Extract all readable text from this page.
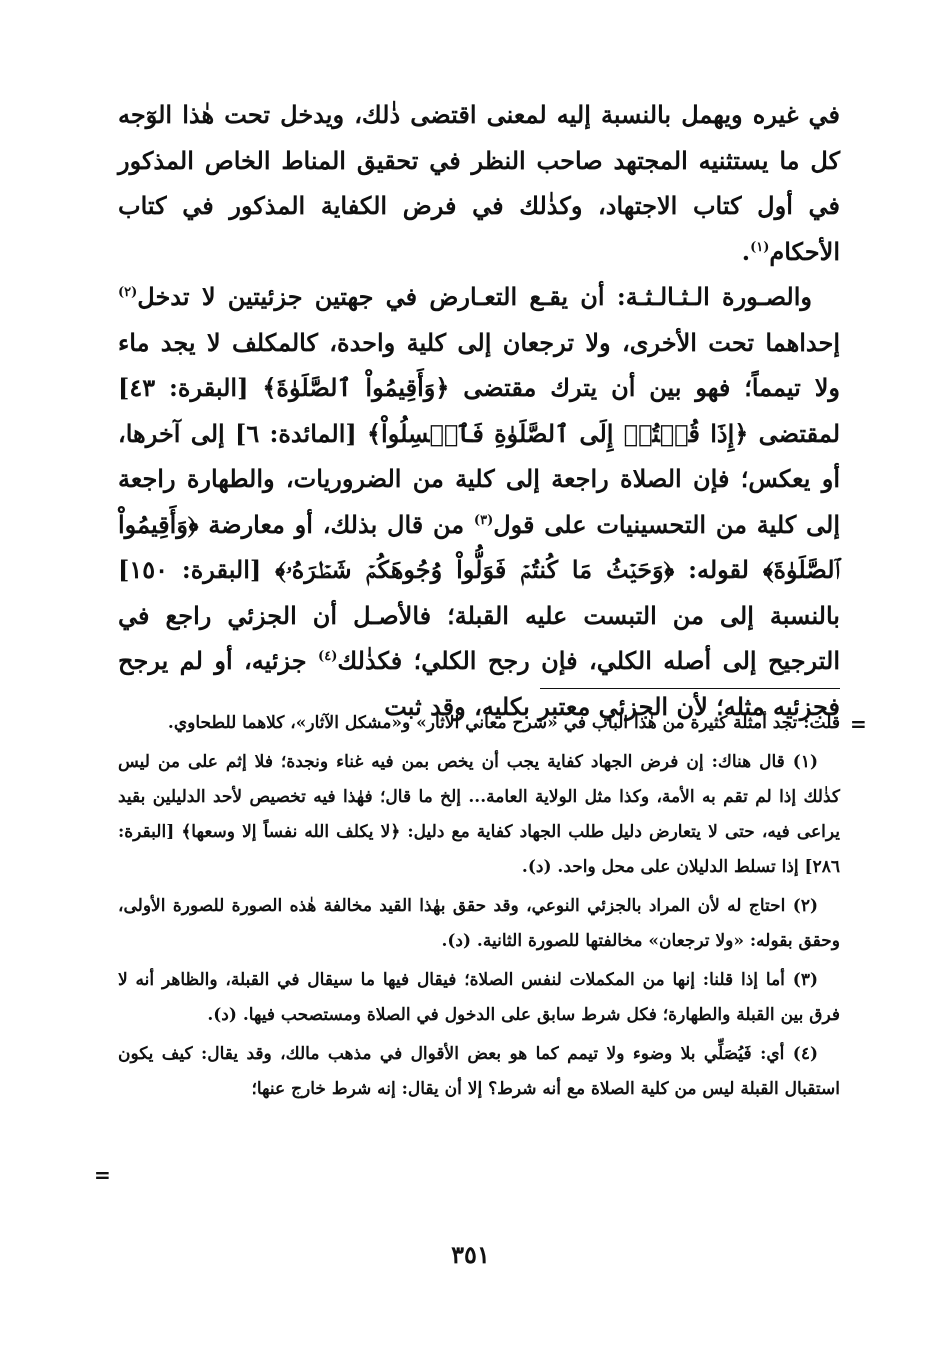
في غيره ويهمل بالنسبة إليه لمعنى اقتضى ذٰلك، ويدخل تحت هٰذا الوٓجه كل ما يستثنيه المجتهد صاحب النظر في تحقيق المناط الخاص المذكور في أول كتاب الاجتهاد، وكذٰلك في فرض الكفاية المذكور في كتاب الأحكام$^{(١)}$.

والصـورة الـثـالـثـة: أن يقـع التعـارض في جهتين جزئيتين لا تدخل$^{(٢)}$ إحداهما تحت الأخرى، ولا ترجعان إلى كلية واحدة، كالمكلف لا يجد ماء ولا تيمماً؛ فهو بين أن يترك مقتضى ﴿وَأَقِيمُواْ ٱلصَّلَوٰةَ﴾ [البقرة: ٤٣] لمقتضى ﴿إِذَا قُمۡتُمۡ إِلَى ٱلصَّلَوٰةِ فَٱغۡسِلُواْ﴾ [المائدة: ٦] إلى آخرها، أو يعكس؛ فإن الصلاة راجعة إلى كلية من الضروريات، والطهارة راجعة إلى كلية من التحسينيات على قول$^{(٣)}$ من قال بذلك، أو معارضة ﴿وَأَقِيمُواْ ٱلصَّلَوٰةَ﴾ لقوله: ﴿وَحَيۡثُ مَا كُنتُمۡ فَوَلُّواْ وُجُوهَكُمۡ شَطۡرَهُۥ﴾ [البقرة: ١٥٠] بالنسبة إلى من التبست عليه القبلة؛ فالأصـل أن الجزئي راجع في الترجيح إلى أصله الكلي، فإن رجح الكلي؛ فكذٰلك$^{(٤)}$ جزئيه، أو لم يرجح فجزئيه مثله؛ لأن الجزئي معتبر بكليه، وقد ثبت

=

قلت: تجد أمثلة كثيرة من هٰذا الباب في «شرح معاني الآثار» و«مشكل الآثار»، كلاهما للطحاوي.

(١) قال هناك: إن فرض الجهاد كفاية يجب أن يخص بمن فيه غناء ونجدة؛ فلا إثم على من ليس كذٰلك إذا لم تقم به الأمة، وكذا مثل الولاية العامة... إلخ ما قال؛ فهٰذا فيه تخصيص لأحد الدليلين بقيد يراعى فيه، حتى لا يتعارض دليل طلب الجهاد كفاية مع دليل: ﴿لا يكلف الله نفساً إلا وسعها﴾ [البقرة: ٢٨٦] إذا تسلط الدليلان على محل واحد. (د).

(٢) احتاج له لأن المراد بالجزئي النوعي، وقد حقق بهٰذا القيد مخالفة هٰذه الصورة للصورة الأولى، وحقق بقوله: «ولا ترجعان» مخالفتها للصورة الثانية. (د).

(٣) أما إذا قلنا: إنها من المكملات لنفس الصلاة؛ فيقال فيها ما سيقال في القبلة، والظاهر أنه لا فرق بين القبلة والطهارة؛ فكل شرط سابق على الدخول في الصلاة ومستصحب فيها. (د).

(٤) أي: فَيُصَلِّي بلا وضوء ولا تيمم كما هو بعض الأقوال في مذهب مالك، وقد يقال: كيف يكون استقبال القبلة ليس من كلية الصلاة مع أنه شرط؟ إلا أن يقال: إنه شرط خارج عنها؛

=
٣٥١
